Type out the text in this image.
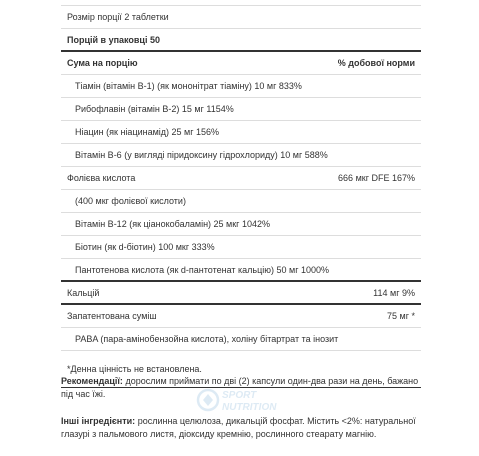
Розмір порції 2 таблетки
Порцій в упаковці 50
Сума на порцію	% добової норми
Тіамін (вітамін B-1) (як мононітрат тіаміну) 10 мг 833%
Рибофлавін (вітамін B-2) 15 мг 1154%
Ніацин (як ніацинамід) 25 мг 156%
Вітамін B-6 (у вигляді піридоксину гідрохлориду) 10 мг 588%
Фолієва кислота	666 мкг DFE 167%
(400 мкг фолієвої кислоти)
Вітамін B-12 (як ціанокобаламін) 25 мкг 1042%
Біотин (як d-біотин) 100 мкг 333%
Пантотенова кислота (як d-пантотенат кальцію) 50 мг 1000%
Кальцій	114 мг 9%
Запатентована суміш	75 мг *
PABA (пара-амінобензойна кислота), холіну бітартрат та інозит
*Денна цінність не встановлена.
Рекомендації: дорослим приймати по дві (2) капсули один-два рази на день, бажано під час їжі.
Інші інгредієнти: рослинна целюлоза, дикальцій фосфат. Містить <2%: натуральної глазурі з пальмового листя, діоксиду кремнію, рослинного стеарату магнію.
SPORT
NUTRITION
